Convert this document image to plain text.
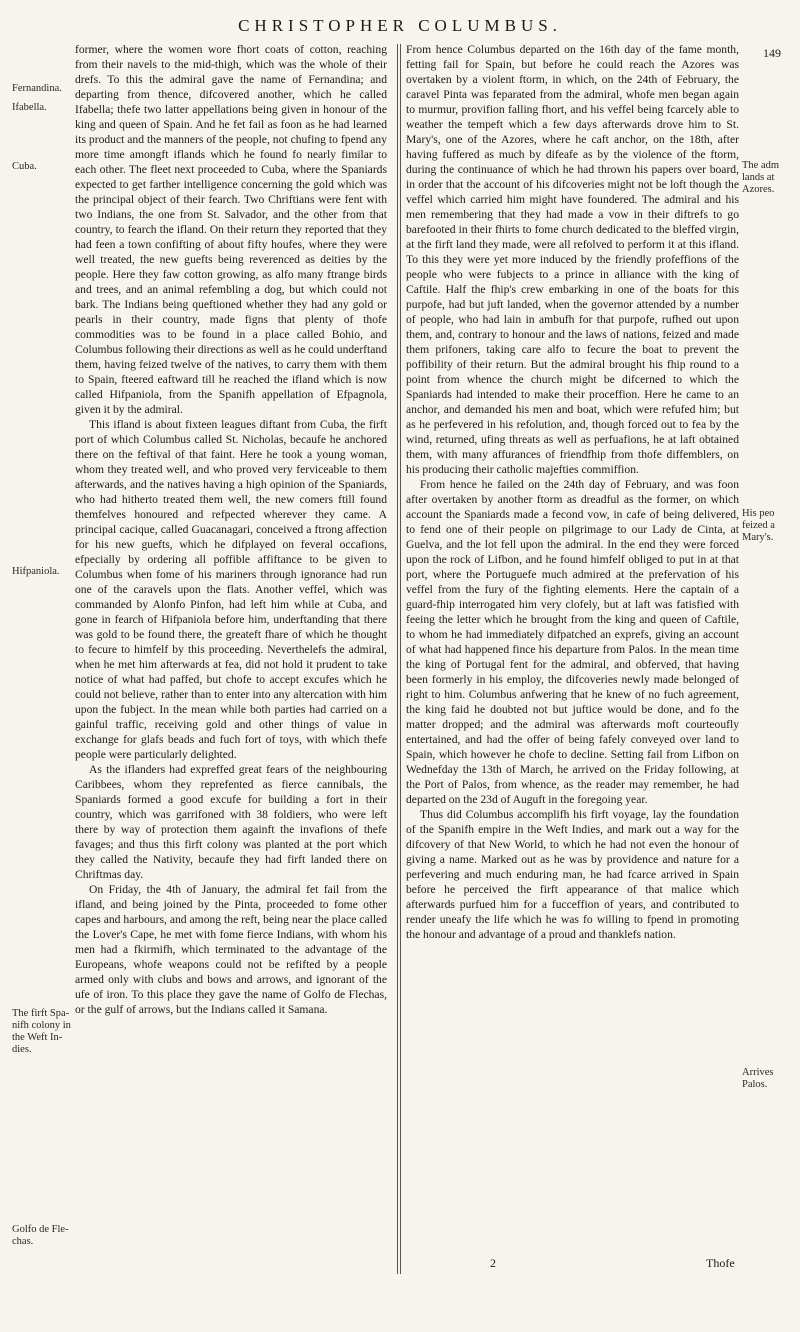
CHRISTOPHER COLUMBUS.
149

former, where the women wore fhort coats of cotton, reaching from their navels to the mid-thigh, which was the whole of their drefs. To this the admiral gave the name of Fernandina; and departing from thence, difcovered another, which he called Ifabella; thefe two latter appellations being given in honour of the king and queen of Spain. And he fet fail as foon as he had learned its product and the manners of the people, not chufing to fpend any more time amongft iflands which he found fo nearly fimilar to each other. The fleet next proceeded to Cuba, where the Spaniards expected to get farther intelligence concerning the gold which was the principal object of their fearch. Two Chriftians were fent with two Indians, the one from St. Salvador, and the other from that country, to fearch the ifland. On their return they reported that they had feen a town confifting of about fifty houfes, where they were well treated, the new guefts being reverenced as deities by the people. Here they faw cotton growing, as alfo many ftrange birds and trees, and an animal refembling a dog, but which could not bark. The Indians being queftioned whether they had any gold or pearls in their country, made figns that plenty of thofe commodities was to be found in a place called Bohio, and Columbus following their directions as well as he could underftand them, having feized twelve of the natives, to carry them with them to Spain, fteered eaftward till he reached the ifland which is now called Hifpaniola, from the Spanifh appellation of Efpagnola, given it by the admiral.

This ifland is about fixteen leagues diftant from Cuba, the firft port of which Columbus called St. Nicholas, becaufe he anchored there on the feftival of that faint. Here he took a young woman, whom they treated well, and who proved very ferviceable to them afterwards, and the natives having a high opinion of the Spaniards, who had hitherto treated them well, the new comers ftill found themfelves honoured and refpected wherever they came. A principal cacique, called Guacanagari, conceived a ftrong affection for his new guefts, which he difplayed on feveral occafions, efpecially by ordering all poffible affiftance to be given to Columbus when fome of his mariners through ignorance had run one of the caravels upon the flats. Another veffel, which was commanded by Alonfo Pinfon, had left him while at Cuba, and gone in fearch of Hifpaniola before him, underftanding that there was gold to be found there, the greateft fhare of which he thought to fecure to himfelf by this proceeding. Neverthelefs the admiral, when he met him afterwards at fea, did not hold it prudent to take notice of what had paffed, but chofe to accept excufes which he could not believe, rather than to enter into any altercation with him upon the fubject. In the mean while both parties had carried on a gainful traffic, receiving gold and other things of value in exchange for glafs beads and fuch fort of toys, with which thefe people were particularly delighted.

As the iflanders had expreffed great fears of the neighbouring Caribbees, whom they reprefented as fierce cannibals, the Spaniards formed a good excufe for building a fort in their country, which was garrifoned with 38 foldiers, who were left there by way of protection them againft the invafions of thefe favages; and thus this firft colony was planted at the port which they called the Nativity, becaufe they had firft landed there on Chriftmas day.

On Friday, the 4th of January, the admiral fet fail from the ifland, and being joined by the Pinta, proceeded to fome other capes and harbours, and among the reft, being near the place called the Lover's Cape, he met with fome fierce Indians, with whom his men had a fkirmifh, which terminated to the advantage of the Europeans, whofe weapons could not be refifted by a people armed only with clubs and bows and arrows, and ignorant of the ufe of iron. To this place they gave the name of Golfo de Flechas, or the gulf of arrows, but the Indians called it Samana.

From hence Columbus departed on the 16th day of the fame month, fetting fail for Spain, but before he could reach the Azores was overtaken by a violent ftorm, in which, on the 24th of February, the caravel Pinta was feparated from the admiral, whofe men began again to murmur, provifion falling fhort, and his veffel being fcarcely able to weather the tempeft which a few days afterwards drove him to St. Mary's, one of the Azores, where he caft anchor, on the 18th, after having fuffered as much by difeafe as by the violence of the ftorm, during the continuance of which he had thrown his papers over board, in order that the account of his difcoveries might not be loft though the veffel which carried him might have foundered. The admiral and his men remembering that they had made a vow in their diftrefs to go barefooted in their fhirts to fome church dedicated to the bleffed virgin, at the firft land they made, were all refolved to perform it at this ifland. To this they were yet more induced by the friendly profeffions of the people who were fubjects to a prince in alliance with the king of Caftile. Half the fhip's crew embarking in one of the boats for this purpofe, had but juft landed, when the governor attended by a number of people, who had lain in ambufh for that purpofe, rufhed out upon them, and, contrary to honour and the laws of nations, feized and made them prifoners, taking care alfo to fecure the boat to prevent the poffibility of their return. But the admiral brought his fhip round to a point from whence the church might be difcerned to which the Spaniards had intended to make their proceffion. Here he came to an anchor, and demanded his men and boat, which were refufed him; but as he perfevered in his refolution, and, though forced out to fea by the wind, returned, ufing threats as well as perfuafions, he at laft obtained them, with many affurances of friendfhip from thofe diffemblers, on his producing their catholic majefties commiffion.

From hence he failed on the 24th day of February, and was foon after overtaken by another ftorm as dreadful as the former, on which account the Spaniards made a fecond vow, in cafe of being delivered, to fend one of their people on pilgrimage to our Lady de Cinta, at Guelva, and the lot fell upon the admiral. In the end they were forced upon the rock of Lifbon, and he found himfelf obliged to put in at that port, where the Portuguefe much admired at the prefervation of his veffel from the fury of the fighting elements. Here the captain of a guard-fhip interrogated him very clofely, but at laft was fatisfied with feeing the letter which he brought from the king and queen of Caftile, to whom he had immediately difpatched an exprefs, giving an account of what had happened fince his departure from Palos. In the mean time the king of Portugal fent for the admiral, and obferved, that having been formerly in his employ, the difcoveries newly made belonged of right to him. Columbus anfwering that he knew of no fuch agreement, the king faid he doubted not but juftice would be done, and fo the matter dropped; and the admiral was afterwards moft courteoufly entertained, and had the offer of being fafely conveyed over land to Spain, which however he chofe to decline. Setting fail from Lifbon on Wednefday the 13th of March, he arrived on the Friday following, at the Port of Palos, from whence, as the reader may remember, he had departed on the 23d of Auguft in the foregoing year.

Thus did Columbus accomplifh his firft voyage, lay the foundation of the Spanifh empire in the Weft Indies, and mark out a way for the difcovery of that New World, to which he had not even the honour of giving a name. Marked out as he was by providence and nature for a perfevering and much enduring man, he had fcarce arrived in Spain before he perceived the firft appearance of that malice which afterwards purfued him for a fucceffion of years, and contributed to render uneafy the life which he was fo willing to fpend in promoting the honour and advantage of a proud and thanklefs nation.

Fernandina.
Ifabella.
Cuba.
Hifpaniola.
The firft Spa-nifh colony in the Weft In-dies.
Golfo de Fle-chas.
The adm lands at Azores.
His peo feized a Mary's.
Arrives Palos.
2	Thofe
